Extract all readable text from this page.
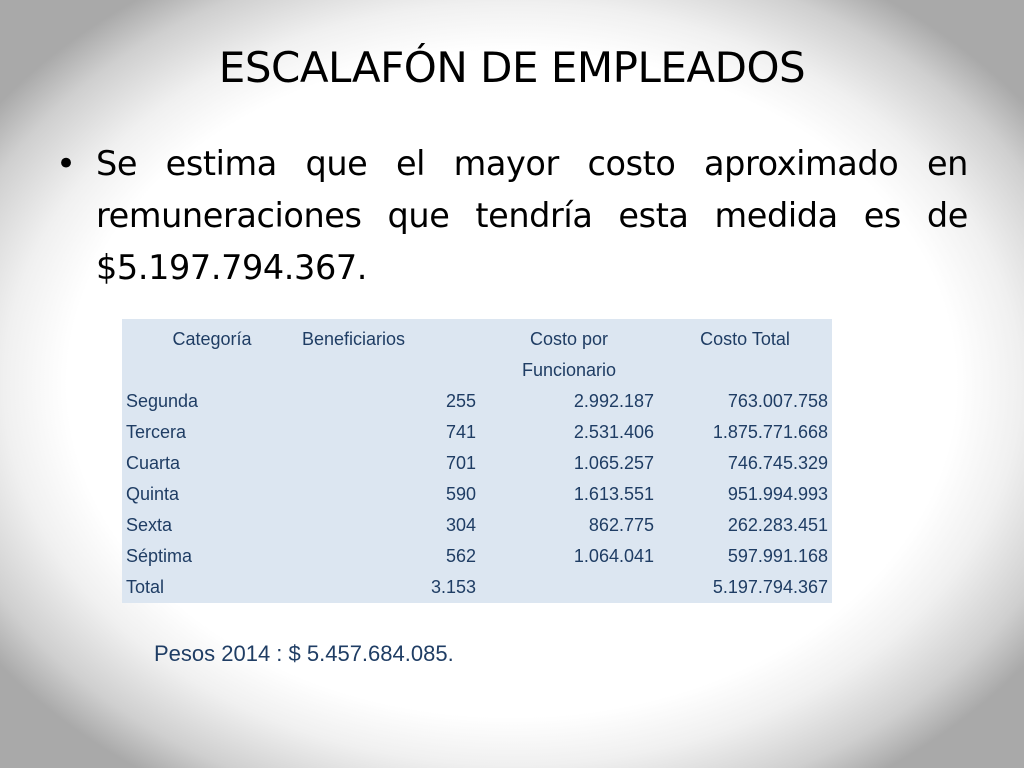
ESCALAFÓN DE EMPLEADOS
• Se estima que el mayor costo aproximado en remuneraciones que tendría esta medida es de $5.197.794.367.
Categoría	Beneficiarios	Costo por Funcionario	Costo Total
Segunda	255	2.992.187	763.007.758
Tercera	741	2.531.406	1.875.771.668
Cuarta	701	1.065.257	746.745.329
Quinta	590	1.613.551	951.994.993
Sexta	304	862.775	262.283.451
Séptima	562	1.064.041	597.991.168
Total	3.153		5.197.794.367
Pesos 2014 : $ 5.457.684.085.
